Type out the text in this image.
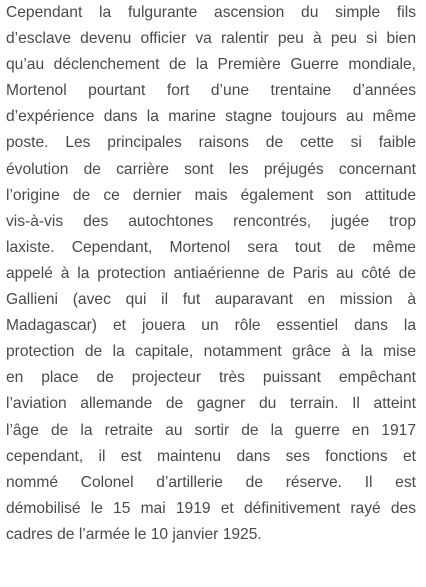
Cependant la fulgurante ascension du simple fils
d’esclave devenu officier va ralentir peu à peu si bien
qu’au déclenchement de la Première Guerre mondiale,
Mortenol pourtant fort d’une trentaine d’années
d’expérience dans la marine stagne toujours au même
poste. Les principales raisons de cette si faible
évolution de carrière sont les préjugés concernant
l’origine de ce dernier mais également son attitude
vis-à-vis des autochtones rencontrés, jugée trop
laxiste. Cependant, Mortenol sera tout de même
appelé à la protection antiaérienne de Paris au côté de
Gallieni (avec qui il fut auparavant en mission à
Madagascar) et jouera un rôle essentiel dans la
protection de la capitale, notamment grâce à la mise
en place de projecteur très puissant empêchant
l’aviation allemande de gagner du terrain. Il atteint
l’âge de la retraite au sortir de la guerre en 1917
cependant, il est maintenu dans ses fonctions et
nommé Colonel d’artillerie de réserve. Il est
démobilisé le 15 mai 1919 et définitivement rayé des
cadres de l’armée le 10 janvier 1925.
